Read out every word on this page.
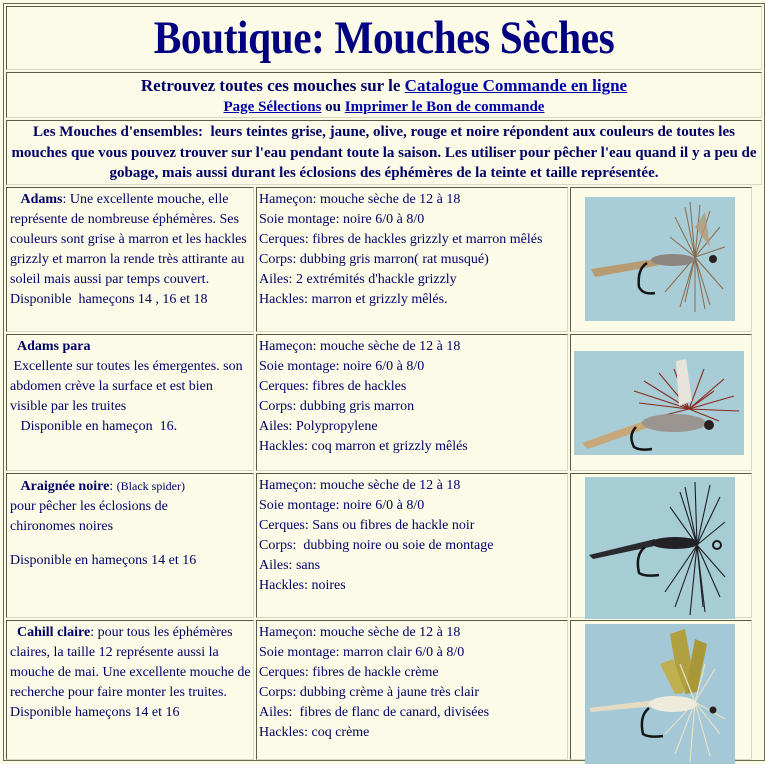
Boutique: Mouches Sèches
Retrouvez toutes ces mouches sur le Catalogue Commande en ligne
Page Sélections ou Imprimer le Bon de commande
Les Mouches d'ensembles:  leurs teintes grise, jaune, olive, rouge et noire répondent aux couleurs de toutes les mouches que vous pouvez trouver sur l'eau pendant toute la saison. Les utiliser pour pêcher l'eau quand il y a peu de gobage, mais aussi durant les éclosions des éphémères de la teinte et taille représentée.
Adams: Une excellente mouche, elle représente de nombreuse éphémères. Ses couleurs sont grise à marron et les hackles grizzly et marron la rende très attirante au soleil mais aussi par temps couvert.
Disponible  hameçons 14 , 16 et 18
Hameçon: mouche sèche de 12 à 18
Soie montage: noire 6/0 à 8/0
Cerques: fibres de hackles grizzly et marron mêlés
Corps: dubbing gris marron( rat musqué)
Ailes: 2 extrémités d'hackle grizzly
Hackles: marron et grizzly mêlés.
Adams para
Excellente sur toutes les émergentes. son abdomen crève la surface et est bien visible par les truites
Disponible en hameçon  16.
Hameçon: mouche sèche de 12 à 18
Soie montage: noire 6/0 à 8/0
Cerques: fibres de hackles
Corps: dubbing gris marron
Ailes: Polypropylene
Hackles: coq marron et grizzly mêlés
Araignée noire: (Black spider)
pour pêcher les éclosions de chironomes noires
Disponible en hameçons 14 et 16
Hameçon: mouche sèche de 12 à 18
Soie montage: noire 6/0 à 8/0
Cerques: Sans ou fibres de hackle noir
Corps:  dubbing noire ou soie de montage
Ailes: sans
Hackles: noires
Cahill claire: pour tous les éphémères claires, la taille 12 représente aussi la mouche de mai. Une excellente mouche de recherche pour faire monter les truites.
Disponible hameçons 14 et 16
Hameçon: mouche sèche de 12 à 18
Soie montage: marron clair 6/0 à 8/0
Cerques: fibres de hackle crème
Corps: dubbing crème à jaune très clair
Ailes:  fibres de flanc de canard, divisées
Hackles: coq crème
